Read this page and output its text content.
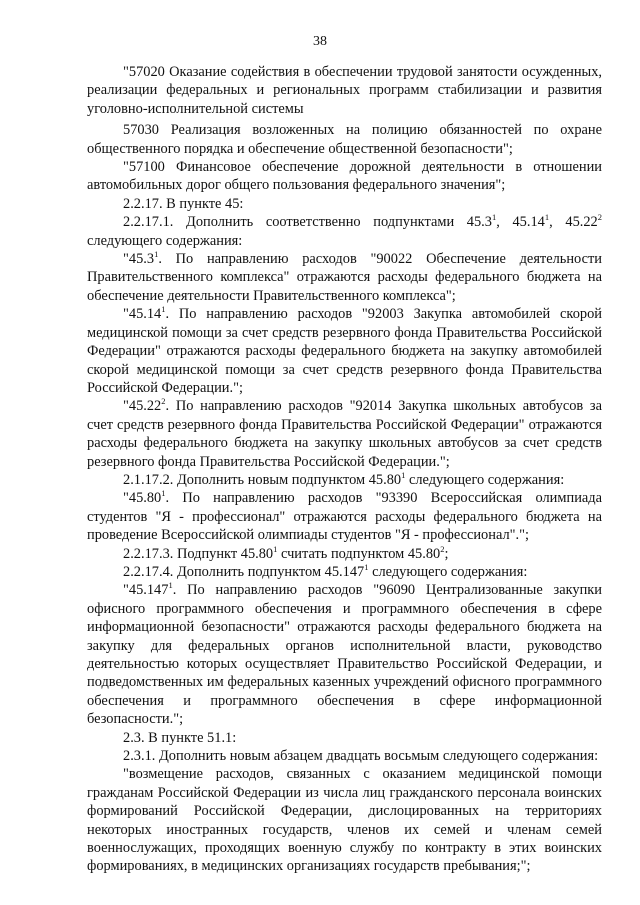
38

"57020 Оказание содействия в обеспечении трудовой занятости осужденных, реализации федеральных и региональных программ стабилизации и развития уголовно-исполнительной системы

57030 Реализация возложенных на полицию обязанностей по охране общественного порядка и обеспечение общественной безопасности";

"57100 Финансовое обеспечение дорожной деятельности в отношении автомобильных дорог общего пользования федерального значения";

2.2.17. В пункте 45:

2.2.17.1. Дополнить соответственно подпунктами 45.3$^1$, 45.14$^1$, 45.22$^2$ следующего содержания:

"45.3$^1$. По направлению расходов "90022 Обеспечение деятельности Правительственного комплекса" отражаются расходы федерального бюджета на обеспечение деятельности Правительственного комплекса";

"45.14$^1$. По направлению расходов "92003 Закупка автомобилей скорой медицинской помощи за счет средств резервного фонда Правительства Российской Федерации" отражаются расходы федерального бюджета на закупку автомобилей скорой медицинской помощи за счет средств резервного фонда Правительства Российской Федерации.";

"45.22$^2$. По направлению расходов "92014 Закупка школьных автобусов за счет средств резервного фонда Правительства Российской Федерации" отражаются расходы федерального бюджета на закупку школьных автобусов за счет средств резервного фонда Правительства Российской Федерации.";

2.1.17.2. Дополнить новым подпунктом 45.80$^1$ следующего содержания:

"45.80$^1$. По направлению расходов "93390 Всероссийская олимпиада студентов "Я - профессионал" отражаются расходы федерального бюджета на проведение Всероссийской олимпиады студентов "Я - профессионал".";

2.2.17.3. Подпункт 45.80$^1$ считать подпунктом 45.80$^2$;

2.2.17.4. Дополнить подпунктом 45.147$^1$ следующего содержания:

"45.147$^1$. По направлению расходов "96090 Централизованные закупки офисного программного обеспечения и программного обеспечения в сфере информационной безопасности" отражаются расходы федерального бюджета на закупку для федеральных органов исполнительной власти, руководство деятельностью которых осуществляет Правительство Российской Федерации, и подведомственных им федеральных казенных учреждений офисного программного обеспечения и программного обеспечения в сфере информационной безопасности.";

2.3. В пункте 51.1:

2.3.1. Дополнить новым абзацем двадцать восьмым следующего содержания:

"возмещение расходов, связанных с оказанием медицинской помощи гражданам Российской Федерации из числа лиц гражданского персонала воинских формирований Российской Федерации, дислоцированных на территориях некоторых иностранных государств, членов их семей и членам семей военнослужащих, проходящих военную службу по контракту в этих воинских формированиях, в медицинских организациях государств пребывания;";
